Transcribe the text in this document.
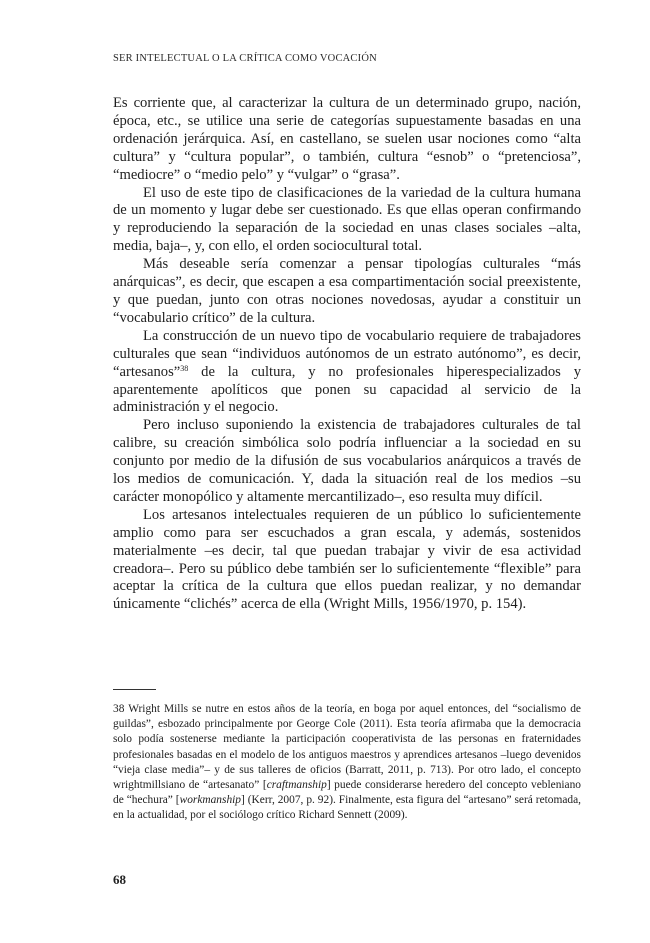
SER INTELECTUAL O LA CRÍTICA COMO VOCACIÓN

Es corriente que, al caracterizar la cultura de un determinado grupo, nación, época, etc., se utilice una serie de categorías supuestamente basadas en una ordenación jerárquica. Así, en castellano, se suelen usar nociones como “alta cultura” y “cultura popular”, o también, cultura “esnob” o “pretenciosa”, “mediocre” o “medio pelo” y “vulgar” o “grasa”.

El uso de este tipo de clasificaciones de la variedad de la cultura humana de un momento y lugar debe ser cuestionado. Es que ellas operan confirmando y reproduciendo la separación de la sociedad en unas clases sociales –alta, media, baja–, y, con ello, el orden sociocultural total.

Más deseable sería comenzar a pensar tipologías culturales “más anárquicas”, es decir, que escapen a esa compartimentación social preexistente, y que puedan, junto con otras nociones novedosas, ayudar a constituir un “vocabulario crítico” de la cultura.

La construcción de un nuevo tipo de vocabulario requiere de trabajadores culturales que sean “individuos autónomos de un estrato autónomo”, es decir, “artesanos”$^{38}$ de la cultura, y no profesionales hiperespecializados y aparentemente apolíticos que ponen su capacidad al servicio de la administración y el negocio.

Pero incluso suponiendo la existencia de trabajadores culturales de tal calibre, su creación simbólica solo podría influenciar a la sociedad en su conjunto por medio de la difusión de sus vocabularios anárquicos a través de los medios de comunicación. Y, dada la situación real de los medios –su carácter monopólico y altamente mercantilizado–, eso resulta muy difícil.

Los artesanos intelectuales requieren de un público lo suficientemente amplio como para ser escuchados a gran escala, y además, sostenidos materialmente –es decir, tal que puedan trabajar y vivir de esa actividad creadora–. Pero su público debe también ser lo suficientemente “flexible” para aceptar la crítica de la cultura que ellos puedan realizar, y no demandar únicamente “clichés” acerca de ella (Wright Mills, 1956/1970, p. 154).

38 Wright Mills se nutre en estos años de la teoría, en boga por aquel entonces, del “socialismo de guildas”, esbozado principalmente por George Cole (2011). Esta teoría afirmaba que la democracia solo podía sostenerse mediante la participación cooperativista de las personas en fraternidades profesionales basadas en el modelo de los antiguos maestros y aprendices artesanos –luego devenidos “vieja clase media”– y de sus talleres de oficios (Barratt, 2011, p. 713). Por otro lado, el concepto wrightmillsiano de “artesanato” [craftmanship] puede considerarse heredero del concepto vebleniano de “hechura” [workmanship] (Kerr, 2007, p. 92). Finalmente, esta figura del “artesano” será retomada, en la actualidad, por el sociólogo crítico Richard Sennett (2009).

68
